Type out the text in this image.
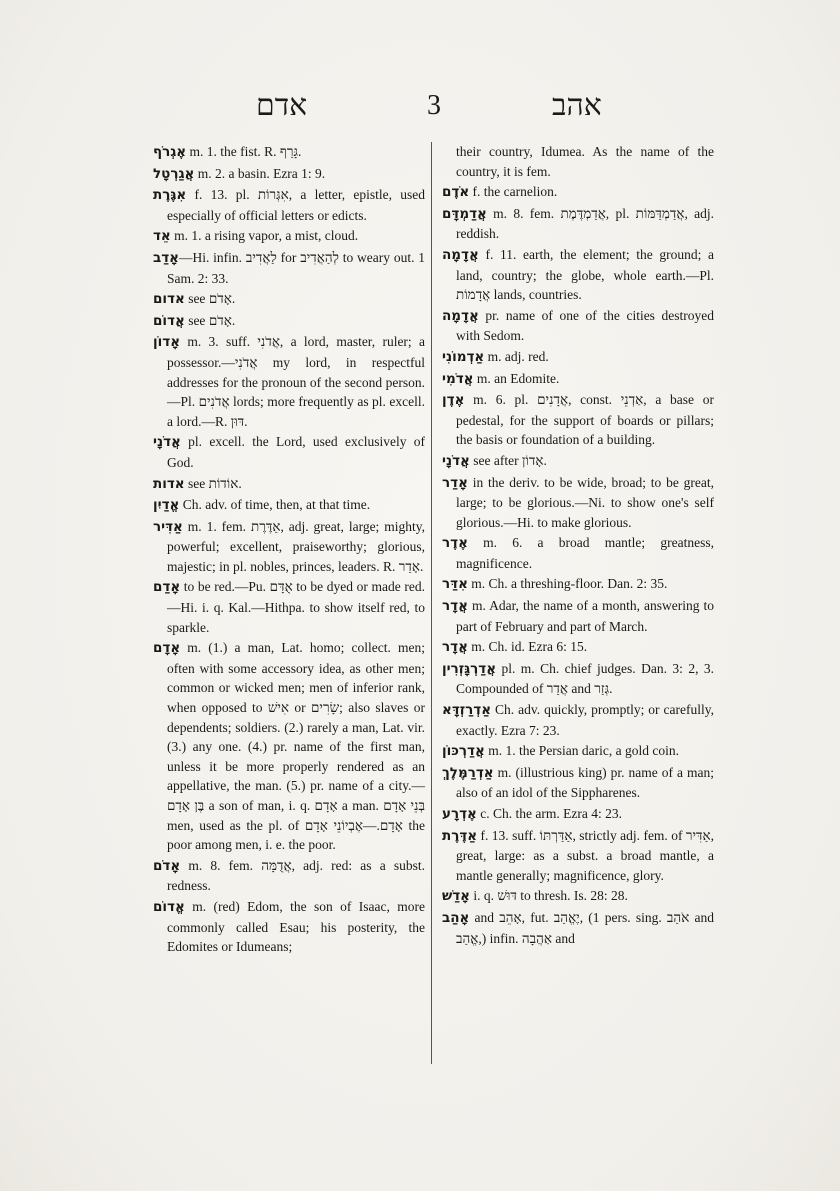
אדם	3	אהב

אֶגְרֹף m. 1. the fist. R. גָּרַף.

אֲגַרְטָל m. 2. a basin. Ezra 1: 9.

אִגֶּרֶת f. 13. pl. אִגְּרוֹת, a letter, epistle, used especially of official letters or edicts.

אֵד m. 1. a rising vapor, a mist, cloud.

אָדַב—Hi. infin. לַאֲדִיב for לְהַאֲדִיב to weary out. 1 Sam. 2: 33.

אדום see אָדֹם.

אֲדוֹם see אָדֹם.

אָדוֹן m. 3. suff. אֲדֹנִי, a lord, master, ruler; a possessor.—אֲדֹנִי my lord, in respectful addresses for the pronoun of the second person.—Pl. אֲדֹנִים lords; more frequently as pl. excell. a lord.—R. דּוּן.

אֲדֹנָי pl. excell. the Lord, used exclusively of God.

אדות see אוֹדוֹת.

אֱדַיִן Ch. adv. of time, then, at that time.

אַדִּיר m. 1. fem. אַדֶּרֶת, adj. great, large; mighty, powerful; excellent, praiseworthy; glorious, majestic; in pl. nobles, princes, leaders. R. אָדַר.

אָדַם to be red.—Pu. אֻדָּם to be dyed or made red.—Hi. i. q. Kal.—Hithpa. to show itself red, to sparkle.

אָדָם m. (1.) a man, Lat. homo; collect. men; often with some accessory idea, as other men; common or wicked men; men of inferior rank, when opposed to אִישׁ or שָׂרִים; also slaves or dependents; soldiers. (2.) rarely a man, Lat. vir. (3.) any one. (4.) pr. name of the first man, unless it be more properly rendered as an appellative, the man. (5.) pr. name of a city.—בֶּן אָדָם a son of man, i. q. אָדָם a man. בְּנֵי אָדָם men, used as the pl. of אָדָם.—אֶבְיוֹנֵי אָדָם the poor among men, i. e. the poor.

אָדֹם m. 8. fem. אֲדֻמָּה, adj. red: as a subst. redness.

אֱדוֹם m. (red) Edom, the son of Isaac, more commonly called Esau; his posterity, the Edomites or Idumeans;

their country, Idumea. As the name of the country, it is fem.

אֹדֶם f. the carnelion.

אֲדַמְדָּם m. 8. fem. אֲדַמְדֶּמֶת, pl. אֲדַמְדַּמּוֹת, adj. reddish.

אֲדָמָה f. 11. earth, the element; the ground; a land, country; the globe, whole earth.—Pl. אֲדָמוֹת lands, countries.

אֲדָמָה pr. name of one of the cities destroyed with Sedom.

אַדְמוֹנִי m. adj. red.

אֲדֹמִי m. an Edomite.

אֶדֶן m. 6. pl. אֲדָנִים, const. אַדְנֵי, a base or pedestal, for the support of boards or pillars; the basis or foundation of a building.

אֲדֹנָי see after אָדוֹן.

אָדַר in the deriv. to be wide, broad; to be great, large; to be glorious.—Ni. to show one's self glorious.—Hi. to make glorious.

אֶדֶר m. 6. a broad mantle; greatness, magnificence.

אִדַּר m. Ch. a threshing-floor. Dan. 2: 35.

אֲדָר m. Adar, the name of a month, answering to part of February and part of March.

אֲדָר m. Ch. id. Ezra 6: 15.

אֲדַרְגָּזְרִין pl. m. Ch. chief judges. Dan. 3: 2, 3. Compounded of אֲדַר and גְּזַר.

אַדְרַזְדָּא Ch. adv. quickly, promptly; or carefully, exactly. Ezra 7: 23.

אֲדַרְכּוֹן m. 1. the Persian daric, a gold coin.

אַדְרַמֶּלֶךְ m. (illustrious king) pr. name of a man; also of an idol of the Sippharenes.

אֶדְרָע c. Ch. the arm. Ezra 4: 23.

אַדֶּרֶת f. 13. suff. אַדַּרְתּוֹ, strictly adj. fem. of אַדִּיר, great, large: as a subst. a broad mantle, a mantle generally; magnificence, glory.

אָדַשׁ i. q. דּוּשׁ to thresh. Is. 28: 28.

אָהַב and אָהֵב, fut. יֶאֱהַב, (1 pers. sing. אֹהַב and אֱהַב,) infin. אַהֲבָה and
